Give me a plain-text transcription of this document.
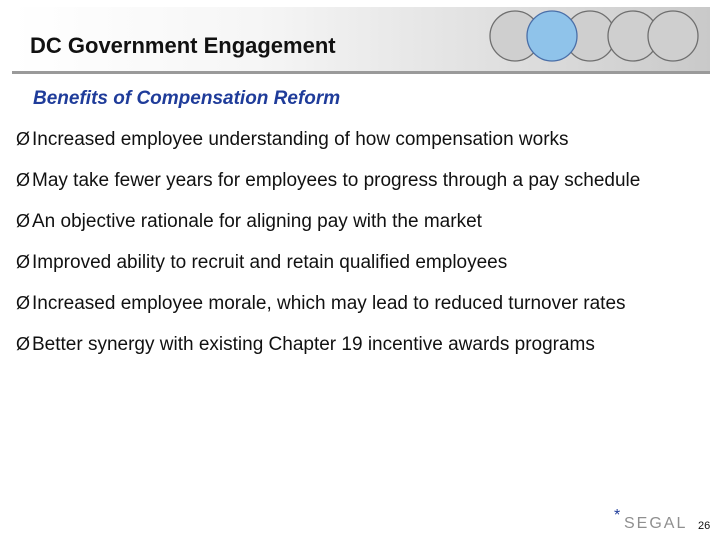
DC Government Engagement
Benefits of Compensation Reform
Ø Increased employee understanding of how compensation works
Ø May take fewer years for employees to progress through a pay schedule
Ø An objective rationale for aligning pay with the market
Ø Improved ability to recruit and retain qualified employees
Ø Increased employee morale, which may lead to reduced turnover rates
Ø Better synergy with existing Chapter 19 incentive awards programs
* SEGAL 26
